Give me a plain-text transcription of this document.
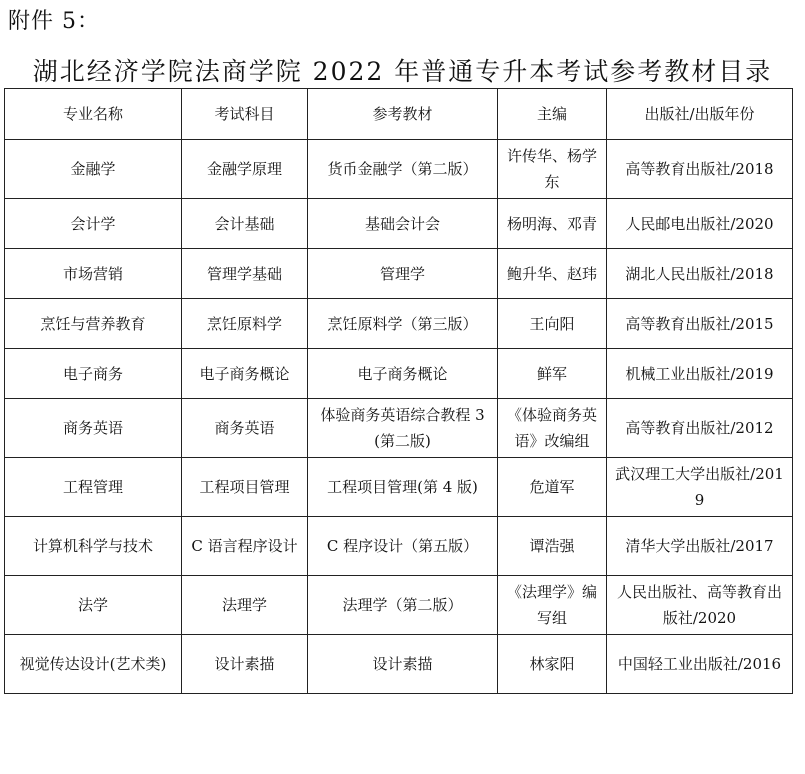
附件 5：
湖北经济学院法商学院 2022 年普通专升本考试参考教材目录
专业名称	考试科目	参考教材	主编	出版社/出版年份
金融学	金融学原理	货币金融学（第二版）	许传华、杨学东	高等教育出版社/2018
会计学	会计基础	基础会计会	杨明海、邓青	人民邮电出版社/2020
市场营销	管理学基础	管理学	鲍升华、赵玮	湖北人民出版社/2018
烹饪与营养教育	烹饪原料学	烹饪原料学（第三版）	王向阳	高等教育出版社/2015
电子商务	电子商务概论	电子商务概论	鲜军	机械工业出版社/2019
商务英语	商务英语	体验商务英语综合教程 3(第二版)	《体验商务英语》改编组	高等教育出版社/2012
工程管理	工程项目管理	工程项目管理(第 4 版)	危道军	武汉理工大学出版社/2019
计算机科学与技术	C 语言程序设计	C 程序设计（第五版）	谭浩强	清华大学出版社/2017
法学	法理学	法理学（第二版）	《法理学》编写组	人民出版社、高等教育出版社/2020
视觉传达设计(艺术类)	设计素描	设计素描	林家阳	中国轻工业出版社/2016
